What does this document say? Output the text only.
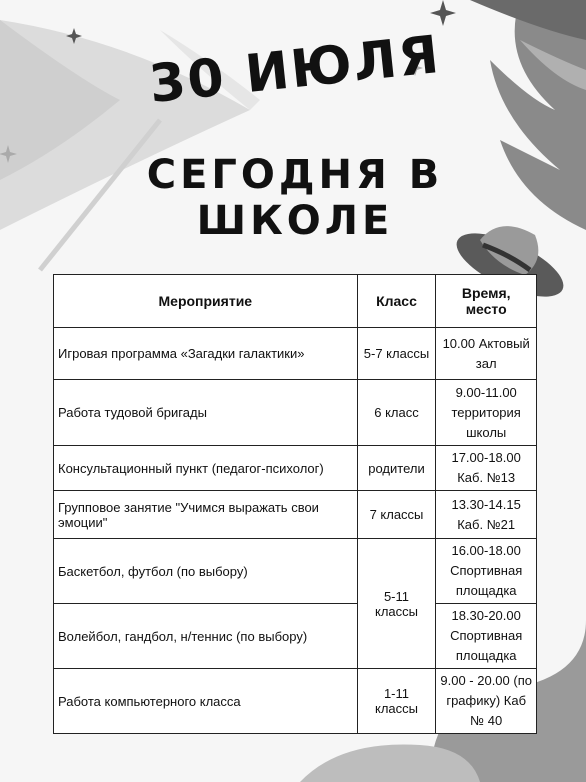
30 ИЮЛЯ
СЕГОДНЯ В ШКОЛЕ
Мероприятие	Класс	Время, место
Игровая программа «Загадки галактики»	5-7 классы	10.00 Актовый зал
Работа тудовой бригады	6 класс	9.00-11.00 территория школы
Консультационный пункт (педагог-психолог)	родители	17.00-18.00 Каб. №13
Групповое занятие "Учимся выражать свои эмоции"	7 классы	13.30-14.15 Каб. №21
Баскетбол, футбол (по выбору)	5-11 классы	16.00-18.00 Спортивная площадка
Волейбол, гандбол, н/теннис (по выбору)		18.30-20.00 Спортивная площадка
Работа компьютерного класса	1-11 классы	9.00 - 20.00 (по графику) Каб № 40
